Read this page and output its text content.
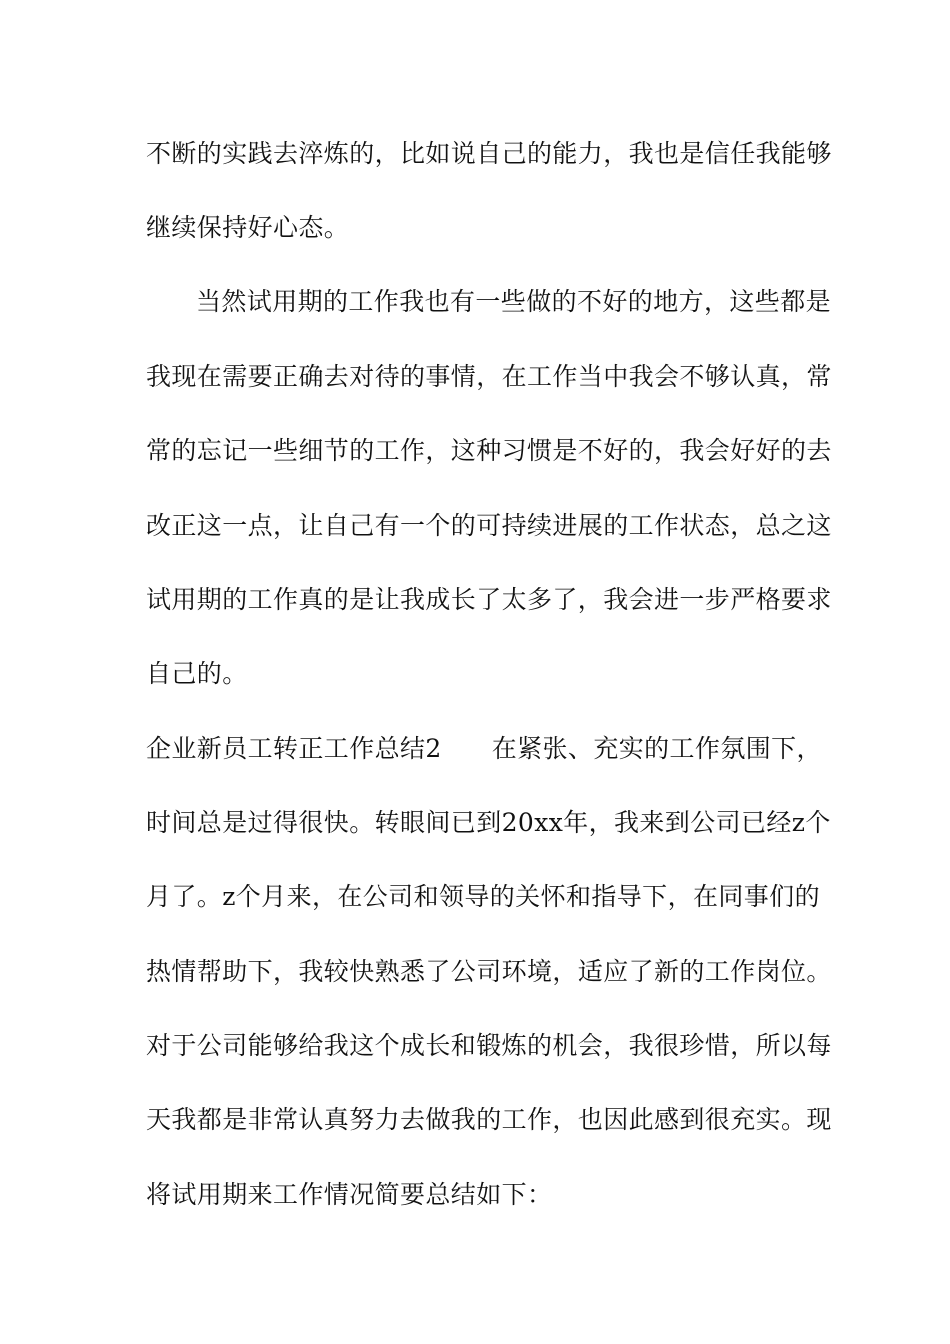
不断的实践去淬炼的，比如说自己的能力，我也是信任我能够
继续保持好心态。
当然试用期的工作我也有一些做的不好的地方，这些都是
我现在需要正确去对待的事情，在工作当中我会不够认真，常
常的忘记一些细节的工作，这种习惯是不好的，我会好好的去
改正这一点，让自己有一个的可持续进展的工作状态，总之这
试用期的工作真的是让我成长了太多了，我会进一步严格要求
自己的。
企业新员工转正工作总结2 在紧张、充实的工作氛围下，
时间总是过得很快。转眼间已到20xx年，我来到公司已经z个
月了。z个月来，在公司和领导的关怀和指导下，在同事们的
热情帮助下，我较快熟悉了公司环境，适应了新的工作岗位。
对于公司能够给我这个成长和锻炼的机会，我很珍惜，所以每
天我都是非常认真努力去做我的工作，也因此感到很充实。现
将试用期来工作情况简要总结如下：
